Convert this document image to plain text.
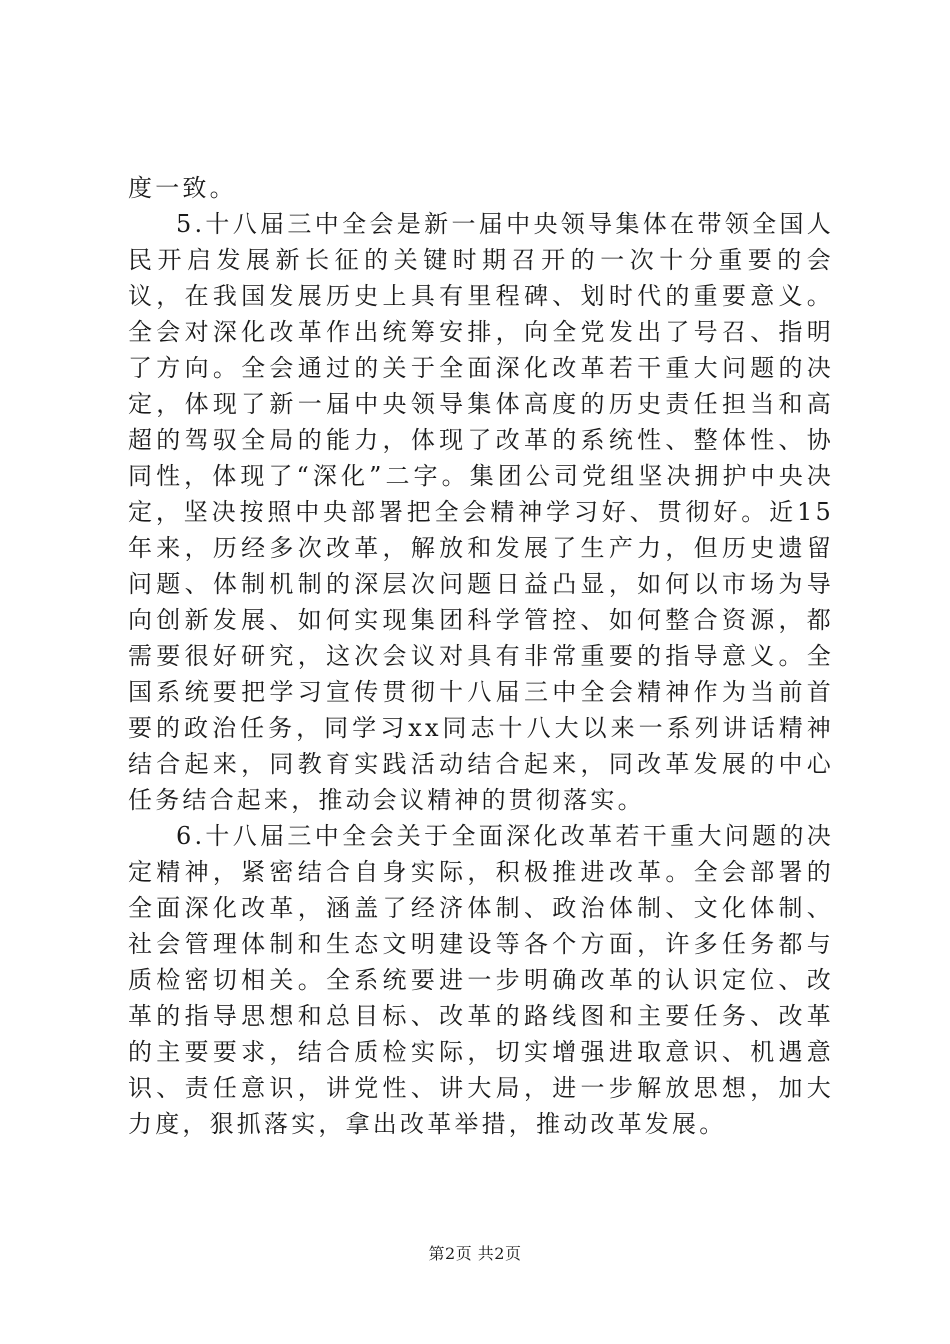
度一致。

5.十八届三中全会是新一届中央领导集体在带领全国人民开启发展新长征的关键时期召开的一次十分重要的会议，在我国发展历史上具有里程碑、划时代的重要意义。全会对深化改革作出统筹安排，向全党发出了号召、指明了方向。全会通过的关于全面深化改革若干重大问题的决定，体现了新一届中央领导集体高度的历史责任担当和高超的驾驭全局的能力，体现了改革的系统性、整体性、协同性，体现了“深化”二字。集团公司党组坚决拥护中央决定，坚决按照中央部署把全会精神学习好、贯彻好。近15年来，历经多次改革，解放和发展了生产力，但历史遗留问题、体制机制的深层次问题日益凸显，如何以市场为导向创新发展、如何实现集团科学管控、如何整合资源，都需要很好研究，这次会议对具有非常重要的指导意义。全国系统要把学习宣传贯彻十八届三中全会精神作为当前首要的政治任务，同学习xx同志十八大以来一系列讲话精神结合起来，同教育实践活动结合起来，同改革发展的中心任务结合起来，推动会议精神的贯彻落实。

6.十八届三中全会关于全面深化改革若干重大问题的决定精神，紧密结合自身实际，积极推进改革。全会部署的全面深化改革，涵盖了经济体制、政治体制、文化体制、社会管理体制和生态文明建设等各个方面，许多任务都与质检密切相关。全系统要进一步明确改革的认识定位、改革的指导思想和总目标、改革的路线图和主要任务、改革的主要要求，结合质检实际，切实增强进取意识、机遇意识、责任意识，讲党性、讲大局，进一步解放思想，加大力度，狠抓落实，拿出改革举措，推动改革发展。

第2页 共2页
